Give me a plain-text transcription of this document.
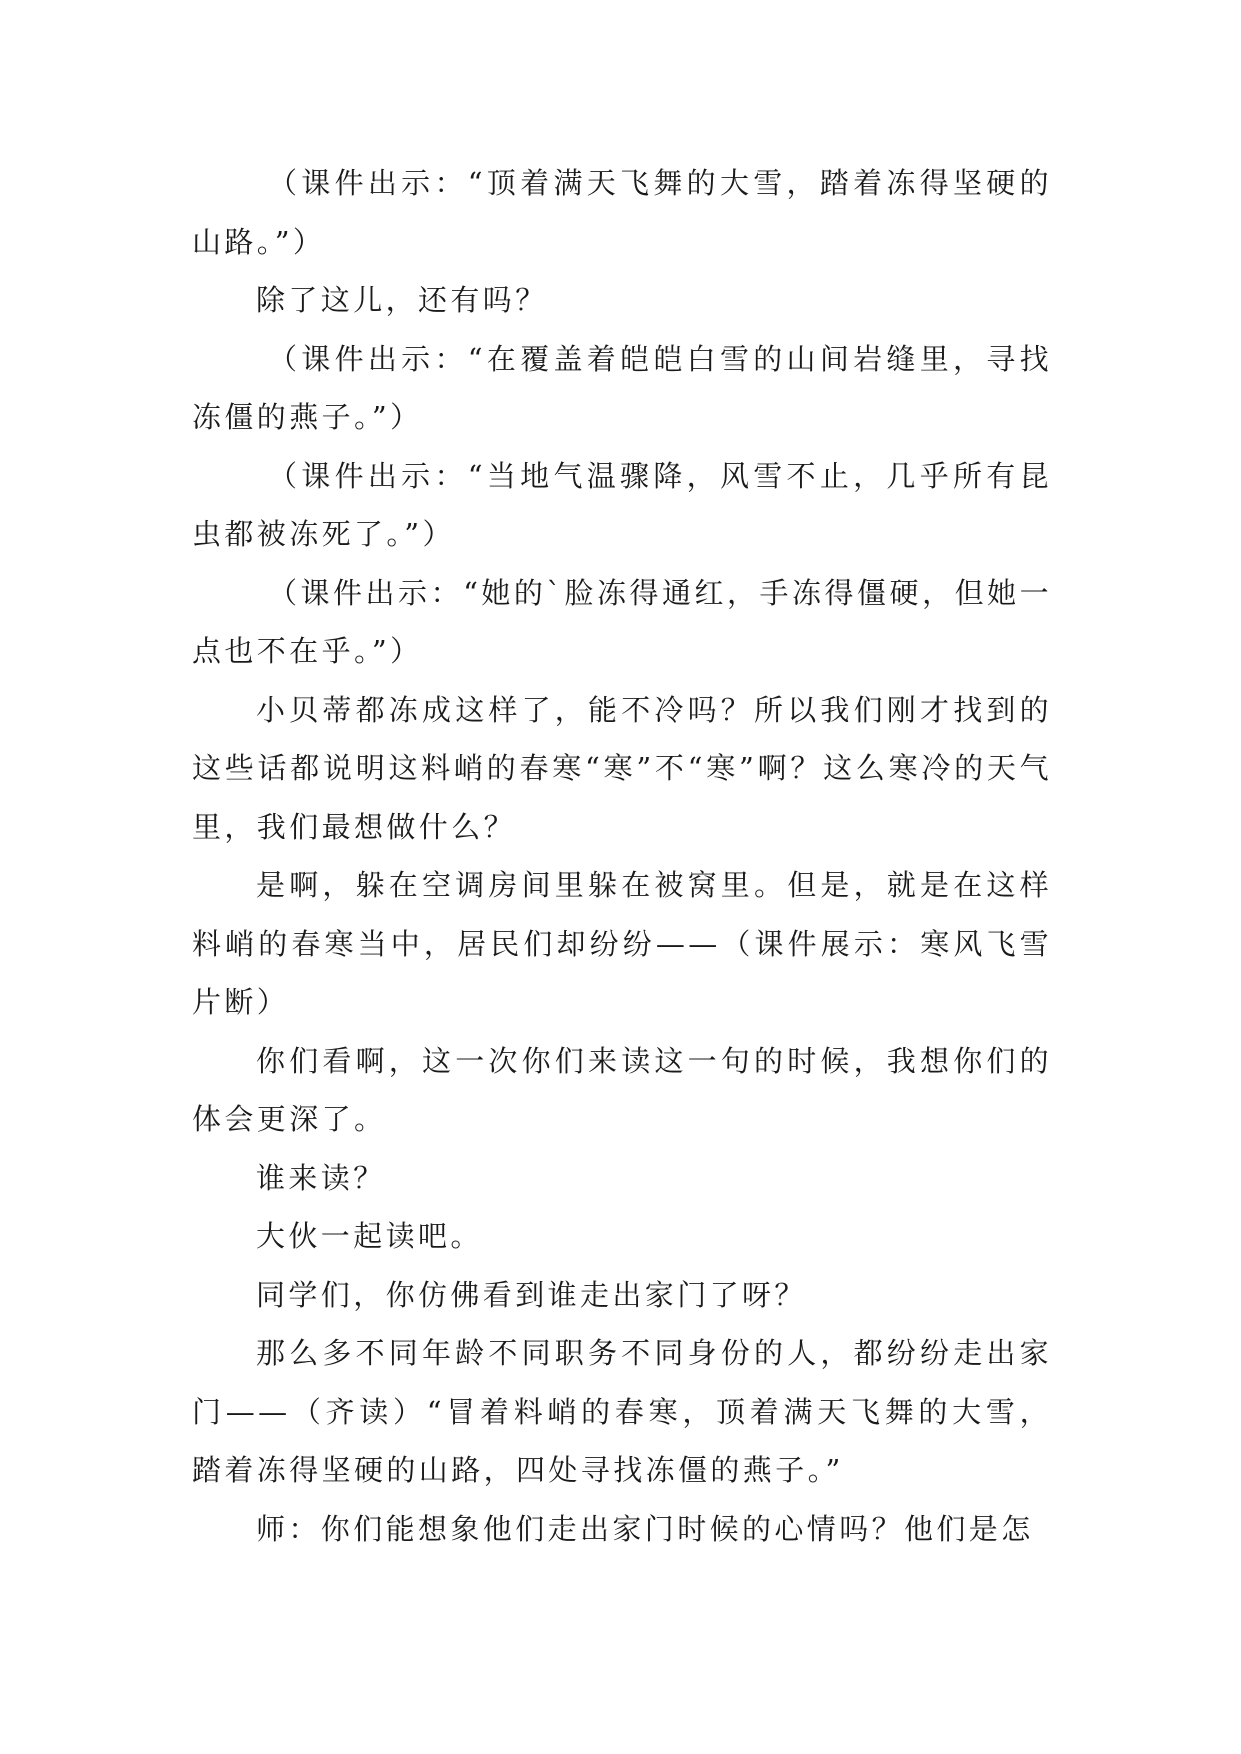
（课件出示：“顶着满天飞舞的大雪，踏着冻得坚硬的山路。”）

除了这儿，还有吗？

（课件出示：“在覆盖着皑皑白雪的山间岩缝里，寻找冻僵的燕子。”）

（课件出示：“当地气温骤降，风雪不止，几乎所有昆虫都被冻死了。”）

（课件出示：“她的`脸冻得通红，手冻得僵硬，但她一点也不在乎。”）

小贝蒂都冻成这样了，能不冷吗？所以我们刚才找到的这些话都说明这料峭的春寒“寒”不“寒”啊？这么寒冷的天气里，我们最想做什么？

是啊，躲在空调房间里躲在被窝里。但是，就是在这样料峭的春寒当中，居民们却纷纷——（课件展示：寒风飞雪片断）

你们看啊，这一次你们来读这一句的时候，我想你们的体会更深了。

谁来读？

大伙一起读吧。

同学们，你仿佛看到谁走出家门了呀？

那么多不同年龄不同职务不同身份的人，都纷纷走出家门——（齐读）“冒着料峭的春寒，顶着满天飞舞的大雪，踏着冻得坚硬的山路，四处寻找冻僵的燕子。”

师：你们能想象他们走出家门时候的心情吗？他们是怎
